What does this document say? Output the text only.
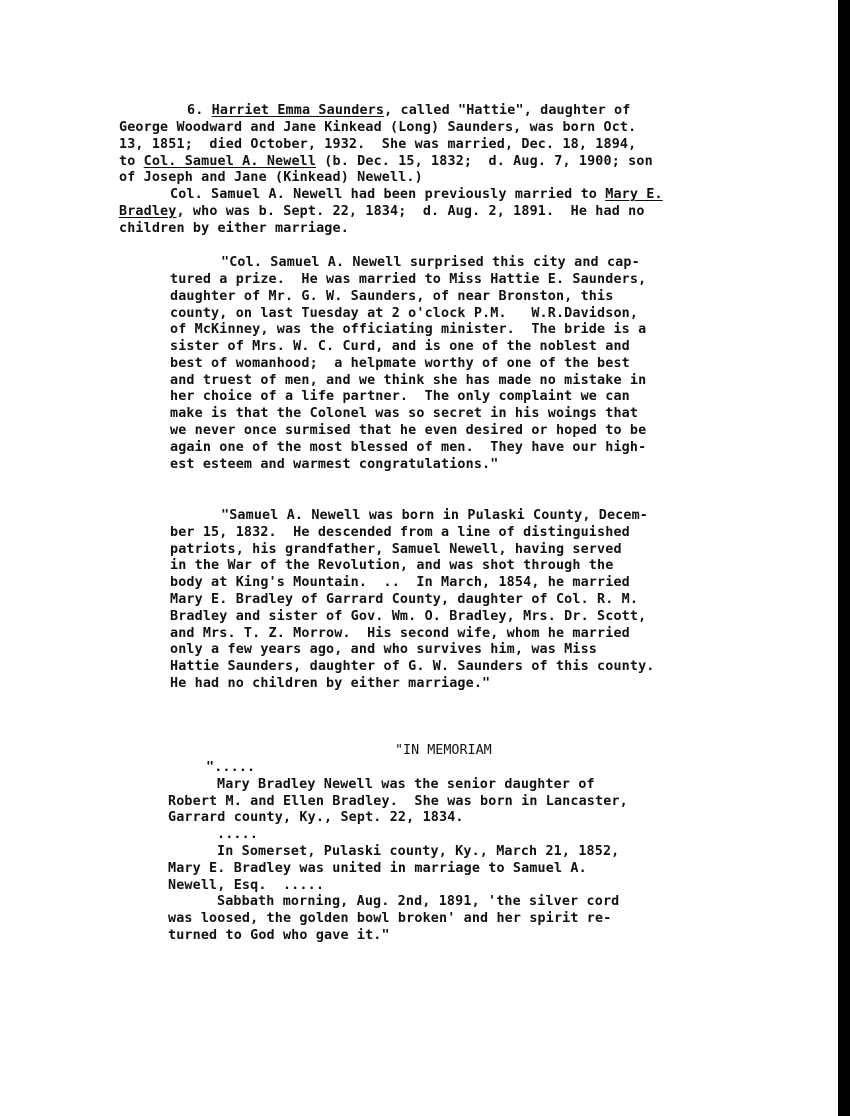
6. Harriet Emma Saunders, called "Hattie", daughter of
George Woodward and Jane Kinkead (Long) Saunders, was born Oct.
13, 1851;  died October, 1932.  She was married, Dec. 18, 1894,
to Col. Samuel A. Newell (b. Dec. 15, 1832;  d. Aug. 7, 1900; son
of Joseph and Jane (Kinkead) Newell.)
Col. Samuel A. Newell had been previously married to Mary E.
Bradley, who was b. Sept. 22, 1834;  d. Aug. 2, 1891.  He had no
children by either marriage.
"Col. Samuel A. Newell surprised this city and cap-
tured a prize.  He was married to Miss Hattie E. Saunders,
daughter of Mr. G. W. Saunders, of near Bronston, this
county, on last Tuesday at 2 o'clock P.M.   W.R.Davidson,
of McKinney, was the officiating minister.  The bride is a
sister of Mrs. W. C. Curd, and is one of the noblest and
best of womanhood;  a helpmate worthy of one of the best
and truest of men, and we think she has made no mistake in
her choice of a life partner.  The only complaint we can
make is that the Colonel was so secret in his woings that
we never once surmised that he even desired or hoped to be
again one of the most blessed of men.  They have our high-
est esteem and warmest congratulations."
"Samuel A. Newell was born in Pulaski County, Decem-
ber 15, 1832.  He descended from a line of distinguished
patriots, his grandfather, Samuel Newell, having served
in the War of the Revolution, and was shot through the
body at King's Mountain.  ..  In March, 1854, he married
Mary E. Bradley of Garrard County, daughter of Col. R. M.
Bradley and sister of Gov. Wm. O. Bradley, Mrs. Dr. Scott,
and Mrs. T. Z. Morrow.  His second wife, whom he married
only a few years ago, and who survives him, was Miss
Hattie Saunders, daughter of G. W. Saunders of this county.
He had no children by either marriage."
"IN MEMORIAM
".....
Mary Bradley Newell was the senior daughter of
Robert M. and Ellen Bradley.  She was born in Lancaster,
Garrard county, Ky., Sept. 22, 1834.
.....
In Somerset, Pulaski county, Ky., March 21, 1852,
Mary E. Bradley was united in marriage to Samuel A.
Newell, Esq.  .....
Sabbath morning, Aug. 2nd, 1891, 'the silver cord
was loosed, the golden bowl broken' and her spirit re-
turned to God who gave it."
